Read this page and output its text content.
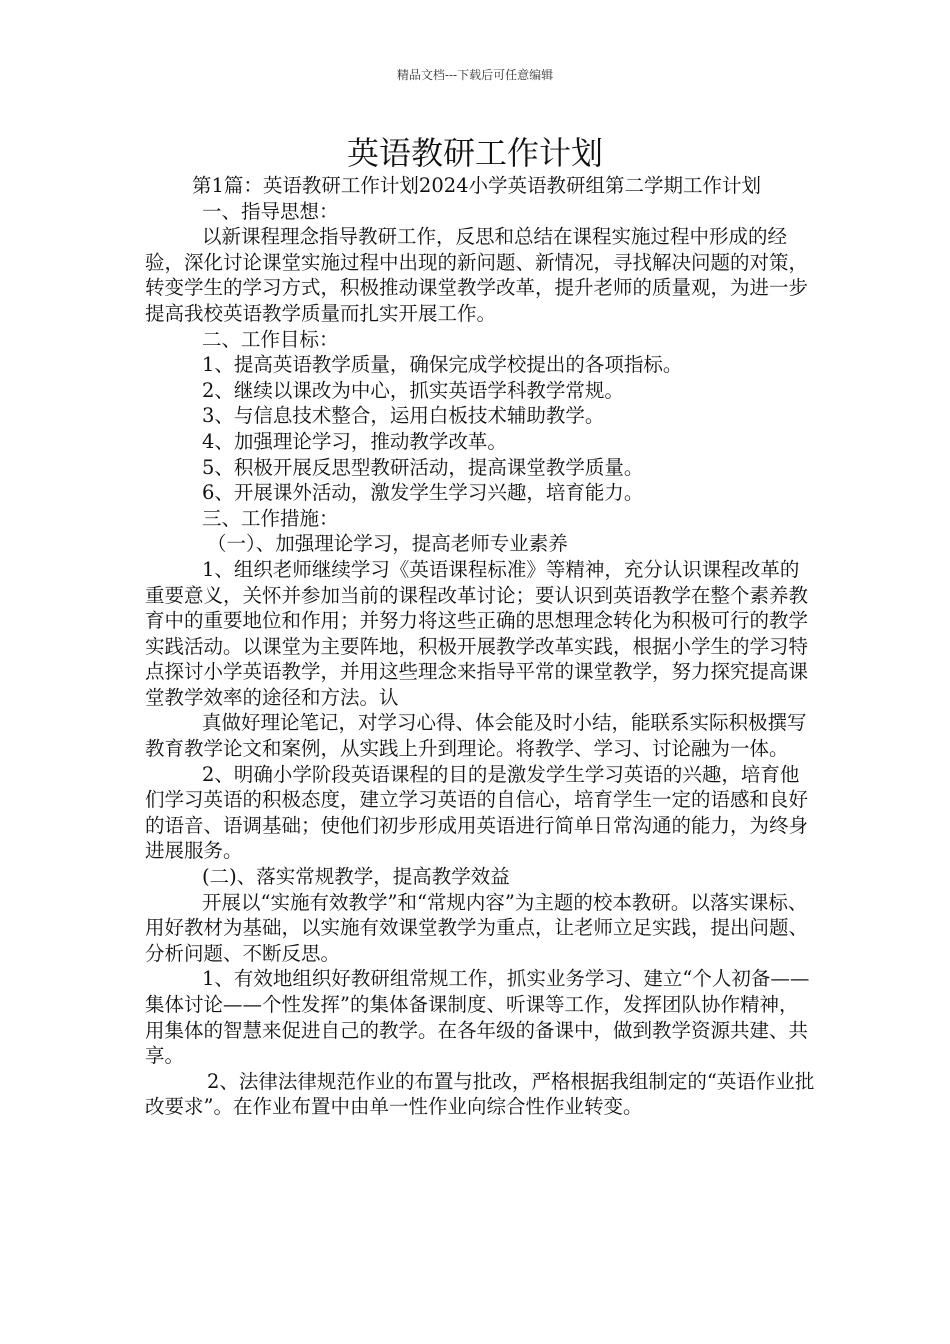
精品文档---下载后可任意编辑
英语教研工作计划

第1篇：英语教研工作计划2024小学英语教研组第二学期工作计划

一、指导思想：

以新课程理念指导教研工作，反思和总结在课程实施过程中形成的经验，深化讨论课堂实施过程中出现的新问题、新情况，寻找解决问题的对策，转变学生的学习方式，积极推动课堂教学改革，提升老师的质量观，为进一步提高我校英语教学质量而扎实开展工作。

二、工作目标：

1、提高英语教学质量，确保完成学校提出的各项指标。

2、继续以课改为中心，抓实英语学科教学常规。

3、与信息技术整合，运用白板技术辅助教学。

4、加强理论学习，推动教学改革。

5、积极开展反思型教研活动，提高课堂教学质量。

6、开展课外活动，激发学生学习兴趣，培育能力。

三、工作措施：

（一）、加强理论学习，提高老师专业素养

1、组织老师继续学习《英语课程标准》等精神，充分认识课程改革的重要意义，关怀并参加当前的课程改革讨论；要认识到英语教学在整个素养教育中的重要地位和作用；并努力将这些正确的思想理念转化为积极可行的教学实践活动。以课堂为主要阵地，积极开展教学改革实践，根据小学生的学习特点探讨小学英语教学，并用这些理念来指导平常的课堂教学，努力探究提高课堂教学效率的途径和方法。认

真做好理论笔记，对学习心得、体会能及时小结，能联系实际积极撰写教育教学论文和案例，从实践上升到理论。将教学、学习、讨论融为一体。

2、明确小学阶段英语课程的目的是激发学生学习英语的兴趣，培育他们学习英语的积极态度，建立学习英语的自信心，培育学生一定的语感和良好的语音、语调基础；使他们初步形成用英语进行简单日常沟通的能力，为终身进展服务。

(二)、落实常规教学，提高教学效益

开展以“实施有效教学”和“常规内容”为主题的校本教研。以落实课标、用好教材为基础，以实施有效课堂教学为重点，让老师立足实践，提出问题、分析问题、不断反思。

1、有效地组织好教研组常规工作，抓实业务学习、建立“个人初备——集体讨论——个性发挥”的集体备课制度、听课等工作，发挥团队协作精神，用集体的智慧来促进自己的教学。在各年级的备课中，做到教学资源共建、共享。

2、法律法律规范作业的布置与批改，严格根据我组制定的“英语作业批改要求”。在作业布置中由单一性作业向综合性作业转变。
